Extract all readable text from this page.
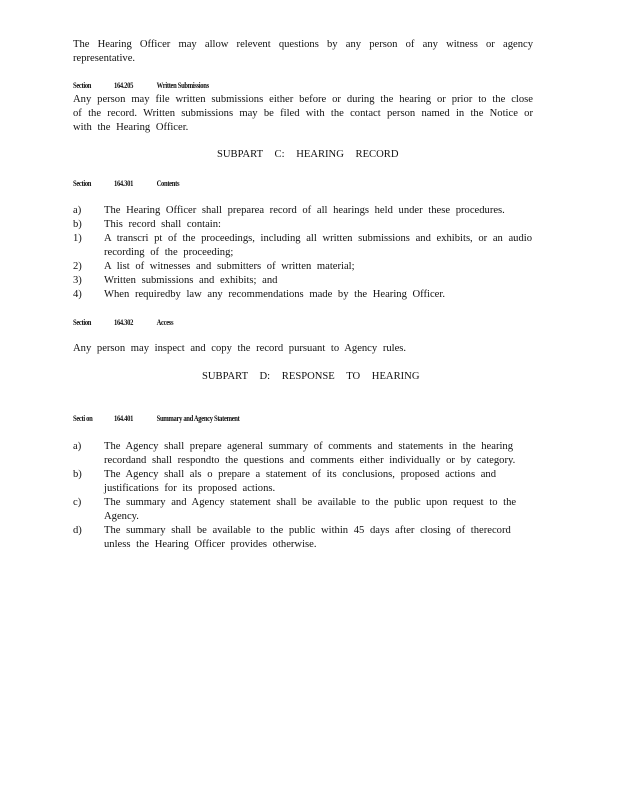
The Hearing Officer may allow relevent questions by any person of any witness or agency representative.
Section	164.205	Written Submissions
Any person may file written submissions either before or during the hearing or prior to the close of the record. Written submissions may be filed with the contact person named in the Notice or with the Hearing Officer.
SUBPART C: HEARING RECORD
Section	164.301	Contents
a) The Hearing Officer shall preparea record of all hearings held under these procedures.
b) This record shall contain:
1) A transcri pt of the proceedings, including all written submissions and exhibits, or an audio recording of the proceeding;
2) A list of witnesses and submitters of written material;
3) Written submissions and exhibits; and
4) When requiredby law any recommendations made by the Hearing Officer.
Section	164.302	Access
Any person may inspect and copy the record pursuant to Agency rules.
SUBPART D: RESPONSE TO HEARING
Secti on	164.401	Summary and Agency Statement
a) The Agency shall prepare ageneral summary of comments and statements in the hearing recordand shall respondto the questions and comments either individually or by category.
b) The Agency shall als o prepare a statement of its conclusions, proposed actions and justifications for its proposed actions.
c) The summary and Agency statement shall be available to the public upon request to the Agency.
d) The summary shall be available to the public within 45 days after closing of therecord unless the Hearing Officer provides otherwise.
